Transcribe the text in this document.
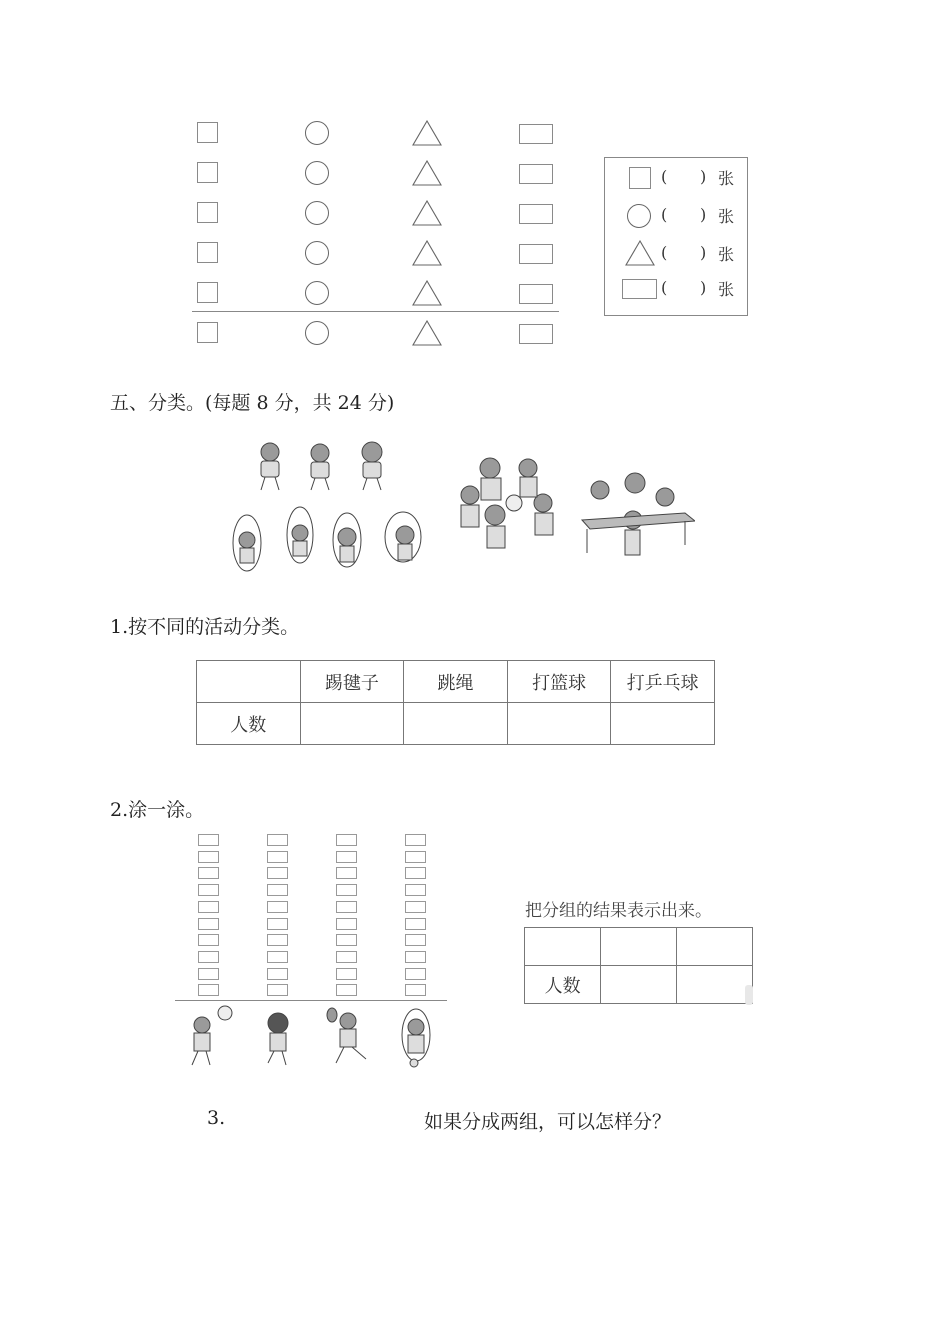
( ) 张
( ) 张
( ) 张
( ) 张
五、分类。(每题 8 分，共 24 分)
1.按不同的活动分类。
	踢毽子	跳绳	打篮球	打乒乓球
人数				
2.涂一涂。
把分组的结果表示出来。

人数		
3.	如果分成两组，可以怎样分？
